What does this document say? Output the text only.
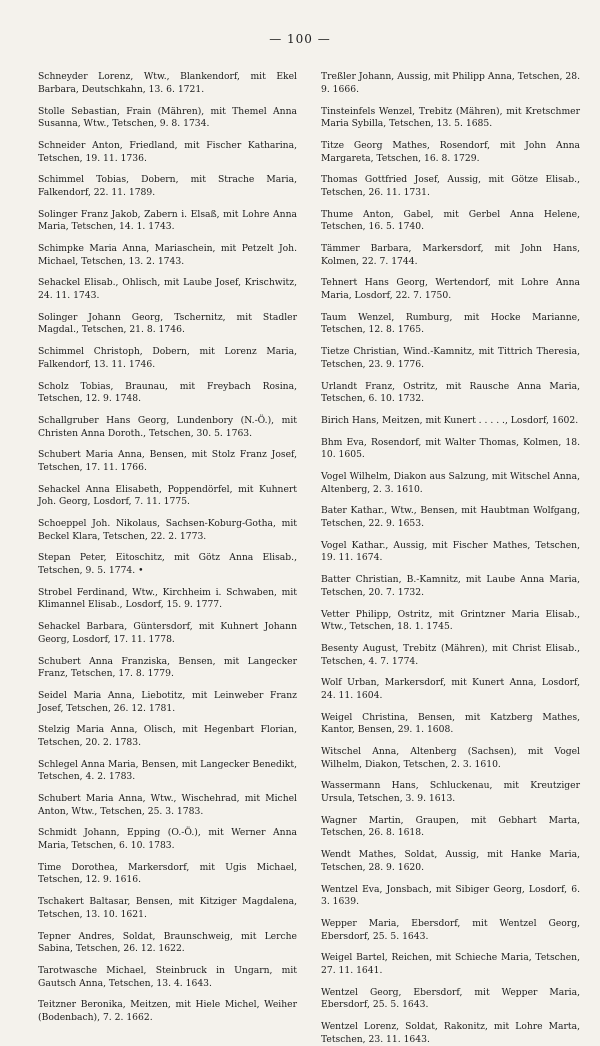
— 100 —

Schneyder Lorenz, Wtw., Blankendorf, mit Ekel Barbara, Deutschkahn, 13. 6. 1721.

Stolle Sebastian, Frain (Mähren), mit Themel Anna Susanna, Wtw., Tetschen, 9. 8. 1734.

Schneider Anton, Friedland, mit Fischer Katharina, Tetschen, 19. 11. 1736.

Schimmel Tobias, Dobern, mit Strache Maria, Falkendorf, 22. 11. 1789.

Solinger Franz Jakob, Zabern i. Elsaß, mit Lohre Anna Maria, Tetschen, 14. 1. 1743.

Schimpke Maria Anna, Mariaschein, mit Petzelt Joh. Michael, Tetschen, 13. 2. 1743.

Sehackel Elisab., Ohlisch, mit Laube Josef, Krischwitz, 24. 11. 1743.

Solinger Johann Georg, Tschernitz, mit Stadler Magdal., Tetschen, 21. 8. 1746.

Schimmel Christoph, Dobern, mit Lorenz Maria, Falkendorf, 13. 11. 1746.

Scholz Tobias, Braunau, mit Freybach Rosina, Tetschen, 12. 9. 1748.

Schallgruber Hans Georg, Lundenbory (N.-Ö.), mit Christen Anna Doroth., Tetschen, 30. 5. 1763.

Schubert Maria Anna, Bensen, mit Stolz Franz Josef, Tetschen, 17. 11. 1766.

Sehackel Anna Elisabeth, Poppendörfel, mit Kuhnert Joh. Georg, Losdorf, 7. 11. 1775.

Schoeppel Joh. Nikolaus, Sachsen-Koburg-Gotha, mit Beckel Klara, Tetschen, 22. 2. 1773.

Stepan Peter, Eitoschitz, mit Götz Anna Elisab., Tetschen, 9. 5. 1774. •

Strobel Ferdinand, Wtw., Kirchheim i. Schwaben, mit Klimannel Elisab., Losdorf, 15. 9. 1777.

Sehackel Barbara, Güntersdorf, mit Kuhnert Johann Georg, Losdorf, 17. 11. 1778.

Schubert Anna Franziska, Bensen, mit Langecker Franz, Tetschen, 17. 8. 1779.

Seidel Maria Anna, Liebotitz, mit Leinweber Franz Josef, Tetschen, 26. 12. 1781.

Stelzig Maria Anna, Olisch, mit Hegenbart Florian, Tetschen, 20. 2. 1783.

Schlegel Anna Maria, Bensen, mit Langecker Benedikt, Tetschen, 4. 2. 1783.

Schubert Maria Anna, Wtw., Wischehrad, mit Michel Anton, Wtw., Tetschen, 25. 3. 1783.

Schmidt Johann, Epping (O.-Ö.), mit Werner Anna Maria, Tetschen, 6. 10. 1783.

Time Dorothea, Markersdorf, mit Ugis Michael, Tetschen, 12. 9. 1616.

Tschakert Baltasar, Bensen, mit Kitziger Magdalena, Tetschen, 13. 10. 1621.

Tepner Andres, Soldat, Braunschweig, mit Lerche Sabina, Tetschen, 26. 12. 1622.

Tarotwasche Michael, Steinbruck in Ungarn, mit Gautsch Anna, Tetschen, 13. 4. 1643.

Teitzner Beronika, Meitzen, mit Hiele Michel, Weiher (Bodenbach), 7. 2. 1662.

Treßler Johann, Aussig, mit Philipp Anna, Tetschen, 28. 9. 1666.

Tinsteinfels Wenzel, Trebitz (Mähren), mit Kretschmer Maria Sybilla, Tetschen, 13. 5. 1685.

Titze Georg Mathes, Rosendorf, mit John Anna Margareta, Tetschen, 16. 8. 1729.

Thomas Gottfried Josef, Aussig, mit Götze Elisab., Tetschen, 26. 11. 1731.

Thume Anton, Gabel, mit Gerbel Anna Helene, Tetschen, 16. 5. 1740.

Tämmer Barbara, Markersdorf, mit John Hans, Kolmen, 22. 7. 1744.

Tehnert Hans Georg, Wertendorf, mit Lohre Anna Maria, Losdorf, 22. 7. 1750.

Taum Wenzel, Rumburg, mit Hocke Marianne, Tetschen, 12. 8. 1765.

Tietze Christian, Wind.-Kamnitz, mit Tittrich Theresia, Tetschen, 23. 9. 1776.

Urlandt Franz, Ostritz, mit Rausche Anna Maria, Tetschen, 6. 10. 1732.

Birich Hans, Meitzen, mit Kunert . . . . ., Losdorf, 1602.

Bhm Eva, Rosendorf, mit Walter Thomas, Kolmen, 18. 10. 1605.

Vogel Wilhelm, Diakon aus Salzung, mit Witschel Anna, Altenberg, 2. 3. 1610.

Bater Kathar., Wtw., Bensen, mit Haubtman Wolfgang, Tetschen, 22. 9. 1653.

Vogel Kathar., Aussig, mit Fischer Mathes, Tetschen, 19. 11. 1674.

Batter Christian, B.-Kamnitz, mit Laube Anna Maria, Tetschen, 20. 7. 1732.

Vetter Philipp, Ostritz, mit Grintzner Maria Elisab., Wtw., Tetschen, 18. 1. 1745.

Besenty August, Trebitz (Mähren), mit Christ Elisab., Tetschen, 4. 7. 1774.

Wolf Urban, Markersdorf, mit Kunert Anna, Losdorf, 24. 11. 1604.

Weigel Christina, Bensen, mit Katzberg Mathes, Kantor, Bensen, 29. 1. 1608.

Witschel Anna, Altenberg (Sachsen), mit Vogel Wilhelm, Diakon, Tetschen, 2. 3. 1610.

Wassermann Hans, Schluckenau, mit Kreutziger Ursula, Tetschen, 3. 9. 1613.

Wagner Martin, Graupen, mit Gebhart Marta, Tetschen, 26. 8. 1618.

Wendt Mathes, Soldat, Aussig, mit Hanke Maria, Tetschen, 28. 9. 1620.

Wentzel Eva, Jonsbach, mit Sibiger Georg, Losdorf, 6. 3. 1639.

Wepper Maria, Ebersdorf, mit Wentzel Georg, Ebersdorf, 25. 5. 1643.

Weigel Bartel, Reichen, mit Schieche Maria, Tetschen, 27. 11. 1641.

Wentzel Georg, Ebersdorf, mit Wepper Maria, Ebersdorf, 25. 5. 1643.

Wentzel Lorenz, Soldat, Rakonitz, mit Lohre Marta, Tetschen, 23. 11. 1643.
